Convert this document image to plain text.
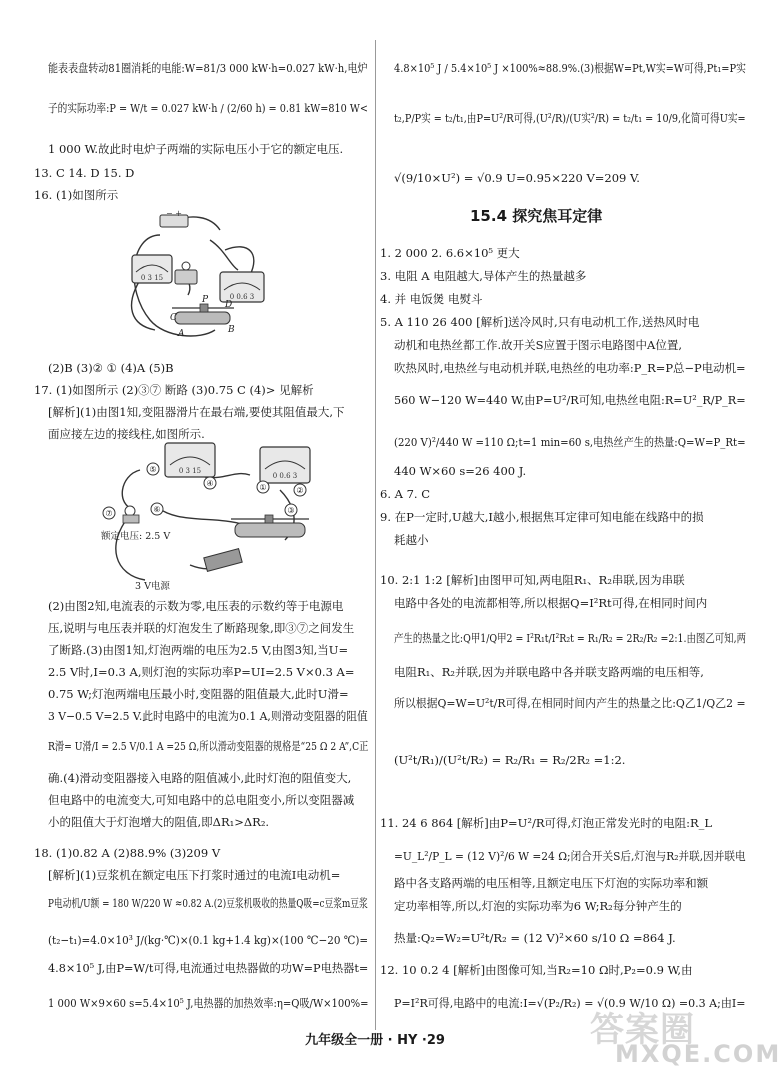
能表表盘转动81圈消耗的电能:W=81/3 000 kW·h=0.027 kW·h,电炉
子的实际功率:P = W/t = 0.027 kW·h / (2/60 h) = 0.81 kW=810 W<
1 000 W.故此时电炉子两端的实际电压小于它的额定电压.
13. C 14. D 15. D
16. (1)如图所示
(2)B (3)② ① (4)A (5)B
17. (1)如图所示 (2)③⑦ 断路 (3)0.75 C (4)> 见解析
[解析](1)由图1知,变阻器滑片在最右端,要使其阻值最大,下
面应接左边的接线柱,如图所示.
(2)由图2知,电流表的示数为零,电压表的示数约等于电源电
压,说明与电压表并联的灯泡发生了断路现象,即③⑦之间发生
了断路.(3)由图1知,灯泡两端的电压为2.5 V,由图3知,当U=
2.5 V时,I=0.3 A,则灯泡的实际功率P=UI=2.5 V×0.3 A=
0.75 W;灯泡两端电压最小时,变阻器的阻值最大,此时U滑=
3 V−0.5 V=2.5 V.此时电路中的电流为0.1 A,则滑动变阻器的阻值
R滑= U滑/I = 2.5 V/0.1 A =25 Ω,所以滑动变阻器的规格是“25 Ω 2 A”,C正
确.(4)滑动变阻器接入电路的阻值减小,此时灯泡的阻值变大,
但电路中的电流变大,可知电路中的总电阻变小,所以变阻器减
小的阻值大于灯泡增大的阻值,即ΔR₁>ΔR₂.
18. (1)0.82 A (2)88.9% (3)209 V
[解析](1)豆浆机在额定电压下打浆时通过的电流I电动机=
P电动机/U额 = 180 W/220 W ≈0.82 A.(2)豆浆机吸收的热量Q吸=c豆浆m豆浆
(t₂−t₁)=4.0×10³ J/(kg·℃)×(0.1 kg+1.4 kg)×(100 ℃−20 ℃)=
4.8×10⁵ J,由P=W/t可得,电流通过电热器做的功W=P电热器t=
1 000 W×9×60 s=5.4×10⁵ J,电热器的加热效率:η=Q吸/W×100%=
4.8×10⁵ J / 5.4×10⁵ J ×100%≈88.9%.(3)根据W=Pt,W实=W可得,Pt₁=P实
t₂,P/P实 = t₂/t₁,由P=U²/R可得,(U²/R)/(U实²/R) = t₂/t₁ = 10/9,化简可得U实=
√(9/10×U²) = √0.9 U=0.95×220 V=209 V.
1. 2 000 2. 6.6×10⁵ 更大
3. 电阻 A 电阻越大,导体产生的热量越多
4. 并 电饭煲 电熨斗
5. A 110 26 400 [解析]送冷风时,只有电动机工作,送热风时电
动机和电热丝都工作.故开关S应置于图示电路图中A位置,
吹热风时,电热丝与电动机并联,电热丝的电功率:P_R=P总−P电动机=
560 W−120 W=440 W,由P=U²/R可知,电热丝电阻:R=U²_R/P_R=
(220 V)²/440 W =110 Ω;t=1 min=60 s,电热丝产生的热量:Q=W=P_Rt=
440 W×60 s=26 400 J.
6. A 7. C
9. 在P一定时,U越大,I越小,根据焦耳定律可知电能在线路中的损
耗越小
10. 2:1 1:2 [解析]由图甲可知,两电阻R₁、R₂串联,因为串联
电路中各处的电流都相等,所以根据Q=I²Rt可得,在相同时间内
产生的热量之比:Q甲1/Q甲2 = I²R₁t/I²R₂t = R₁/R₂ = 2R₂/R₂ =2:1.由图乙可知,两
电阻R₁、R₂并联,因为并联电路中各并联支路两端的电压相等,
所以根据Q=W=U²t/R可得,在相同时间内产生的热量之比:Q乙1/Q乙2 =
(U²t/R₁)/(U²t/R₂) = R₂/R₁ = R₂/2R₂ =1:2.
11. 24 6 864 [解析]由P=U²/R可得,灯泡正常发光时的电阻:R_L
=U_L²/P_L = (12 V)²/6 W =24 Ω;闭合开关S后,灯泡与R₂并联,因并联电
路中各支路两端的电压相等,且额定电压下灯泡的实际功率和额
定功率相等,所以,灯泡的实际功率为6 W;R₂每分钟产生的
热量:Q₂=W₂=U²t/R₂ = (12 V)²×60 s/10 Ω =864 J.
12. 10 0.2 4 [解析]由图像可知,当R₂=10 Ω时,P₂=0.9 W,由
P=I²R可得,电路中的电流:I=√(P₂/R₂) = √(0.9 W/10 Ω) =0.3 A;由I=
15.4 探究焦耳定律
− +
0 3 15
0 0.6 3
C
D
A	B
P
0 3 15
0 0.6 3
⑤
④	①	②
⑦	⑥	③
额定电压: 2.5 V
3 V电源
答案圈
MXQE.COM
九年级全一册 · HY ·29
